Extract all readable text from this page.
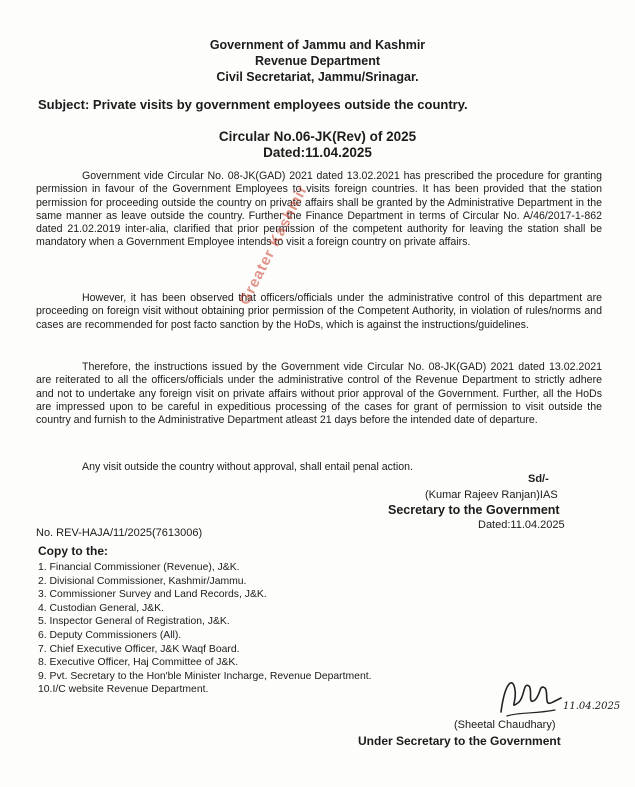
Government of Jammu and Kashmir
Revenue Department
Civil Secretariat, Jammu/Srinagar.
Subject: Private visits by government employees outside the country.
Circular No.06-JK(Rev) of 2025
Dated:11.04.2025

Government vide Circular No. 08-JK(GAD) 2021 dated 13.02.2021 has prescribed the procedure for granting permission in favour of the Government Employees to visits foreign countries. It has been provided that the station permission for proceeding outside the country on private affairs shall be granted by the Administrative Department in the same manner as leave outside the country. Further the Finance Department in terms of Circular No. A/46/2017-1-862 dated 21.02.2019 inter-alia, clarified that prior permission of the competent authority for leaving the station shall be mandatory when a Government Employee intends to visit a foreign country on private affairs.

However, it has been observed that officers/officials under the administrative control of this department are proceeding on foreign visit without obtaining prior permission of the Competent Authority, in violation of rules/norms and cases are recommended for post facto sanction by the HoDs, which is against the instructions/guidelines.

Therefore, the instructions issued by the Government vide Circular No. 08-JK(GAD) 2021 dated 13.02.2021 are reiterated to all the officers/officials under the administrative control of the Revenue Department to strictly adhere and not to undertake any foreign visit on private affairs without prior approval of the Government. Further, all the HoDs are impressed upon to be careful in expeditious processing of the cases for grant of permission to visit outside the country and furnish to the Administrative Department atleast 21 days before the intended date of departure.

Any visit outside the country without approval, shall entail penal action.

Sd/-
(Kumar Rajeev Ranjan)IAS
Secretary to the Government
Dated:11.04.2025
No. REV-HAJA/11/2025(7613006)
Copy to the:
1. Financial Commissioner (Revenue), J&K.
2. Divisional Commissioner, Kashmir/Jammu.
3. Commissioner Survey and Land Records, J&K.
4. Custodian General, J&K.
5. Inspector General of Registration, J&K.
6. Deputy Commissioners (All).
7. Chief Executive Officer, J&K Waqf Board.
8. Executive Officer, Haj Committee of J&K.
9. Pvt. Secretary to the Hon'ble Minister Incharge, Revenue Department.
10.I/C website Revenue Department.
11.04.2025
(Sheetal Chaudhary)
Under Secretary to the Government
Greater Kashmir
